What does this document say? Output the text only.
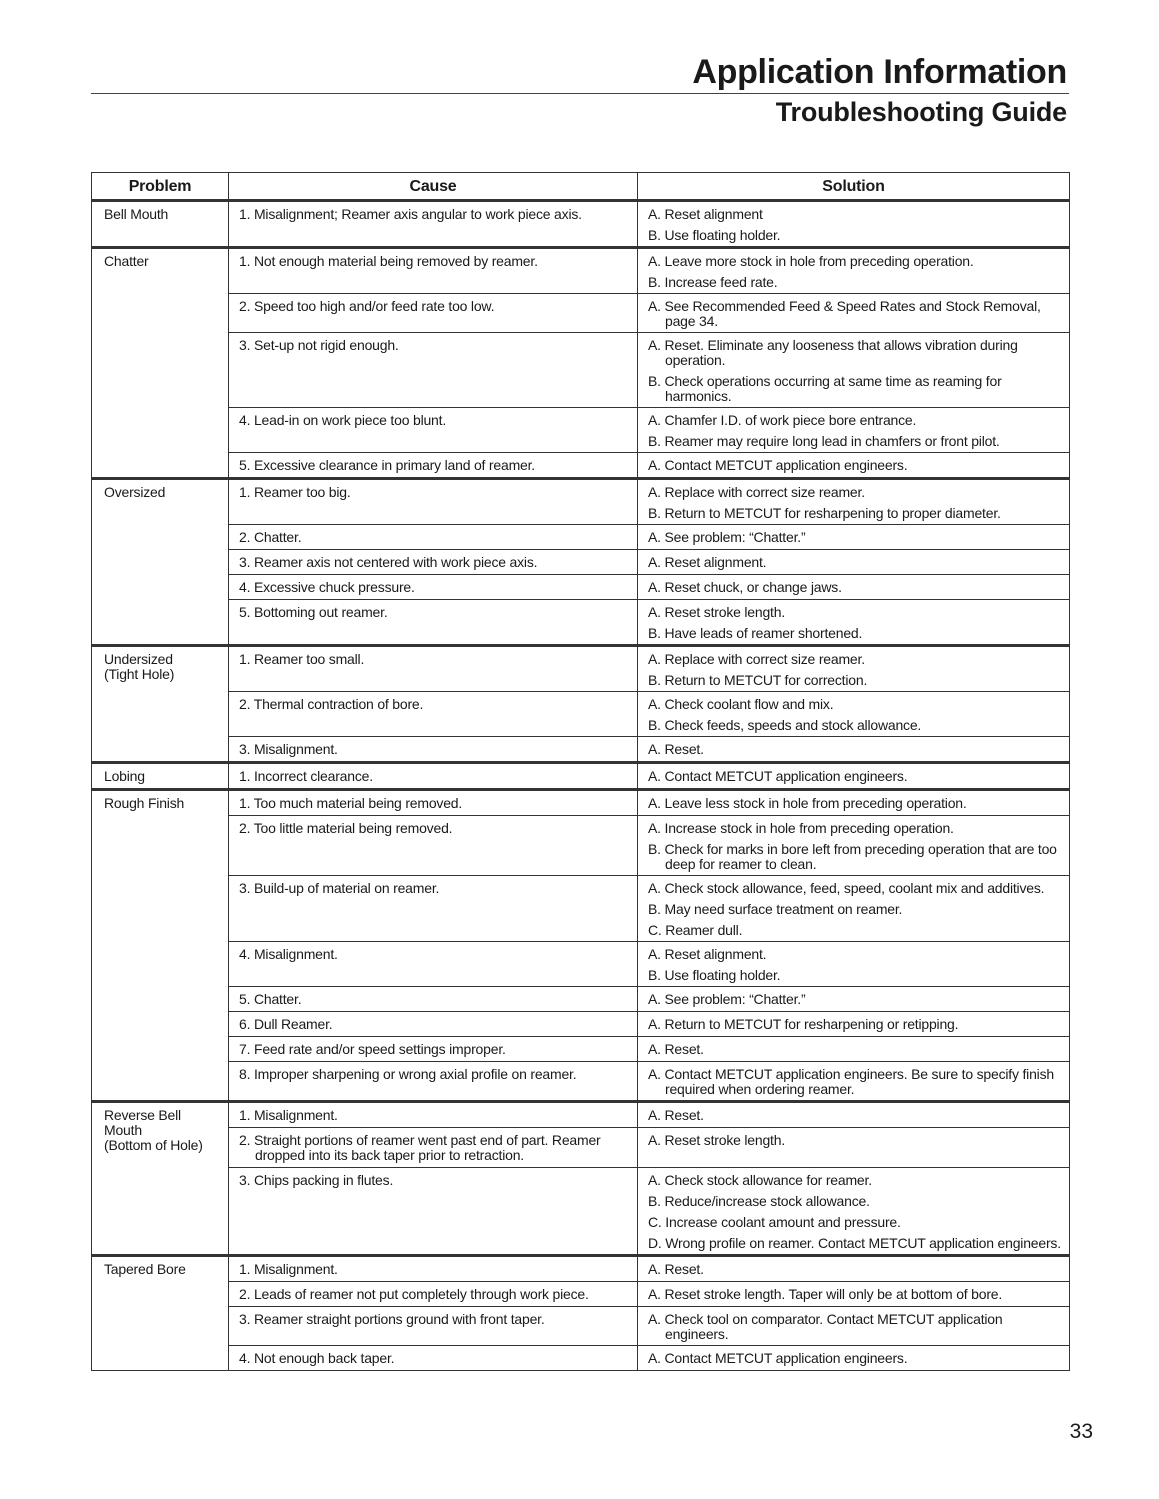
Application Information
Troubleshooting Guide
Problem	Cause	Solution
Bell Mouth	1. Misalignment; Reamer axis angular to work piece axis.	A. Reset alignment
B. Use floating holder.

Chatter	1. Not enough material being removed by reamer.	A. Leave more stock in hole from preceding operation.
B. Increase feed rate.

	2. Speed too high and/or feed rate too low.	A. See Recommended Feed & Speed Rates and Stock Removal, page 34.

	3. Set-up not rigid enough.	A. Reset. Eliminate any looseness that allows vibration during operation.
B. Check operations occurring at same time as reaming for harmonics.

	4. Lead-in on work piece too blunt.	A. Chamfer I.D. of work piece bore entrance.
B. Reamer may require long lead in chamfers or front pilot.

	5. Excessive clearance in primary land of reamer.	A. Contact METCUT application engineers.

Oversized	1. Reamer too big.	A. Replace with correct size reamer.
B. Return to METCUT for resharpening to proper diameter.

	2. Chatter.	A. See problem: “Chatter.”

	3. Reamer axis not centered with work piece axis.	A. Reset alignment.

	4. Excessive chuck pressure.	A. Reset chuck, or change jaws.

	5. Bottoming out reamer.	A. Reset stroke length.
B. Have leads of reamer shortened.

Undersized
(Tight Hole)	1. Reamer too small.	A. Replace with correct size reamer.
B. Return to METCUT for correction.

	2. Thermal contraction of bore.	A. Check coolant flow and mix.
B. Check feeds, speeds and stock allowance.

	3. Misalignment.	A. Reset.

Lobing	1. Incorrect clearance.	A. Contact METCUT application engineers.

Rough Finish	1. Too much material being removed.	A. Leave less stock in hole from preceding operation.

	2. Too little material being removed.	A. Increase stock in hole from preceding operation.
B. Check for marks in bore left from preceding operation that are too deep for reamer to clean.

	3. Build-up of material on reamer.	A. Check stock allowance, feed, speed, coolant mix and additives.
B. May need surface treatment on reamer.
C. Reamer dull.

	4. Misalignment.	A. Reset alignment.
B. Use floating holder.

	5. Chatter.	A. See problem: “Chatter.”

	6. Dull Reamer.	A. Return to METCUT for resharpening or retipping.

	7. Feed rate and/or speed settings improper.	A. Reset.

	8. Improper sharpening or wrong axial profile on reamer.	A. Contact METCUT application engineers. Be sure to specify finish required when ordering reamer.

Reverse Bell
Mouth
(Bottom of Hole)	1. Misalignment.	A. Reset.

	2. Straight portions of reamer went past end of part. Reamer dropped into its back taper prior to retraction.	A. Reset stroke length.

	3. Chips packing in flutes.	A. Check stock allowance for reamer.
B. Reduce/increase stock allowance.
C. Increase coolant amount and pressure.
D. Wrong profile on reamer. Contact METCUT application engineers.

Tapered Bore	1. Misalignment.	A. Reset.

	2. Leads of reamer not put completely through work piece.	A. Reset stroke length. Taper will only be at bottom of bore.

	3. Reamer straight portions ground with front taper.	A. Check tool on comparator. Contact METCUT application engineers.

	4. Not enough back taper.	A. Contact METCUT application engineers.
33
